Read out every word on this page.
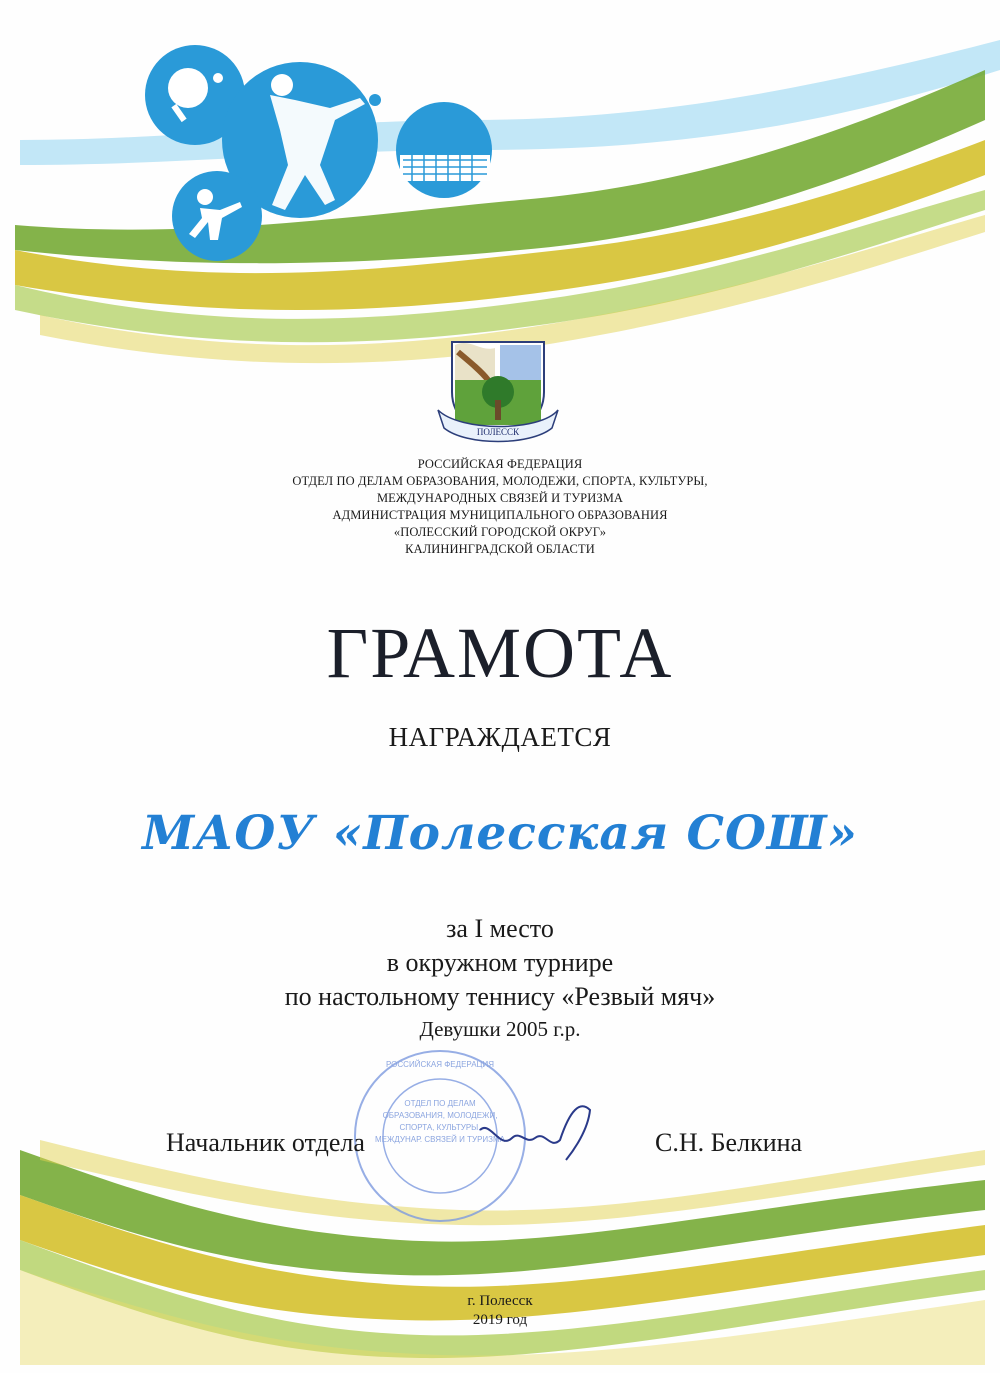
ПОЛЕССК
ОТДЕЛ ПО ДЕЛАМ
ОБРАЗОВАНИЯ, МОЛОДЕЖИ,
СПОРТА, КУЛЬТУРЫ,
МЕЖДУНАР. СВЯЗЕЙ И ТУРИЗМА
РОССИЙСКАЯ ФЕДЕРАЦИЯ
РОССИЙСКАЯ ФЕДЕРАЦИЯ
ОТДЕЛ ПО ДЕЛАМ ОБРАЗОВАНИЯ, МОЛОДЕЖИ, СПОРТА, КУЛЬТУРЫ,
МЕЖДУНАРОДНЫХ СВЯЗЕЙ И ТУРИЗМА
АДМИНИСТРАЦИЯ МУНИЦИПАЛЬНОГО ОБРАЗОВАНИЯ
«ПОЛЕССКИЙ ГОРОДСКОЙ ОКРУГ»
КАЛИНИНГРАДСКОЙ ОБЛАСТИ
ГРАМОТА
НАГРАЖДАЕТСЯ
МАОУ «Полесская СОШ»
за I место
в окружном турнире
по настольному теннису «Резвый мяч»
Девушки 2005 г.р.
Начальник отдела	С.Н. Белкина
г. Полесск
2019 год
